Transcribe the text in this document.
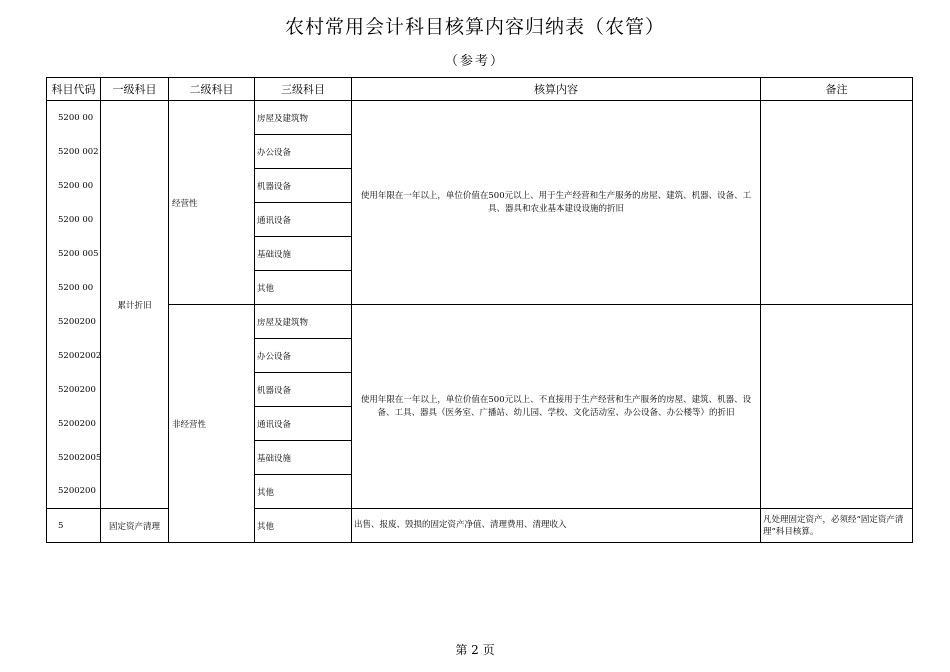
农村常用会计科目核算内容归纳表（农管）
（参考）
科目代码	一级科目	二级科目	三级科目	核算内容	备注
5200 00	累计折旧	经营性	房屋及建筑物	使用年限在一年以上，单位价值在500元以上、用于生产经营和生产服务的房屋、建筑、机器、设备、工具、器具和农业基本建设设施的折旧	
5200 002			办公设备		
5200 00			机器设备		
5200 00			通讯设备		
5200 005			基础设施		
5200 00			其他		
5200200		非经营性	房屋及建筑物	使用年限在一年以上，单位价值在500元以上、不直接用于生产经营和生产服务的房屋、建筑、机器、设备、工具、器具（医务室、广播站、幼儿园、学校、文化活动室、办公设备、办公楼等）的折旧	
52002002			办公设备		
5200200			机器设备		
5200200			通讯设备		
52002005			基础设施		
5200200			其他		
5	固定资产清理		其他	出售、报废、毁损的固定资产净值、清理费用、清理收入	凡处理固定资产，必须经“固定资产清理”科目核算。
第 2 页
